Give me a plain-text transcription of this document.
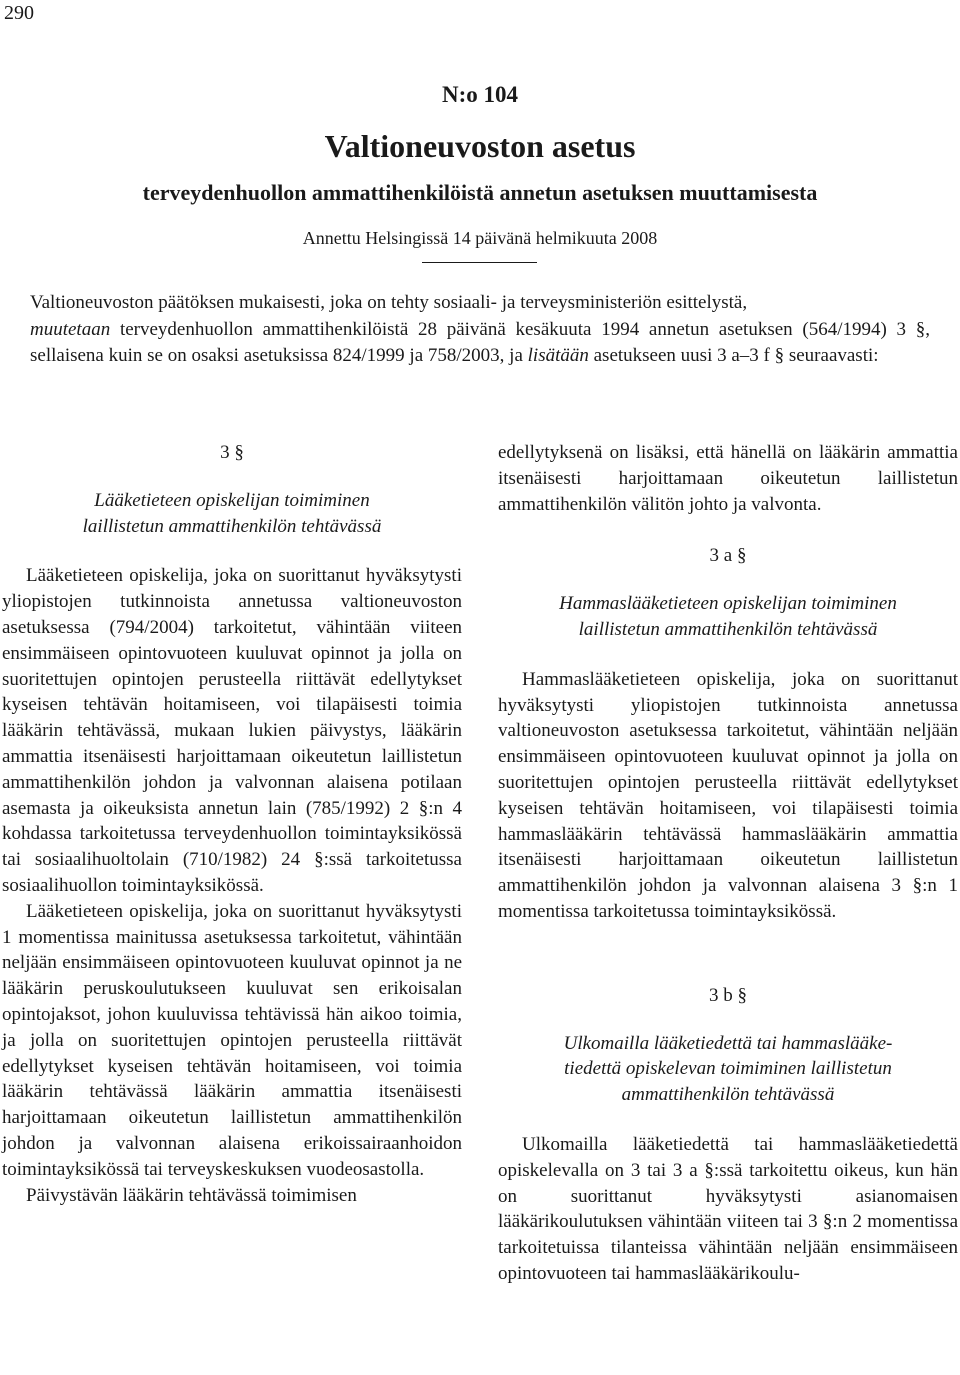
290
N:o 104
Valtioneuvoston asetus
terveydenhuollon ammattihenkilöistä annetun asetuksen muuttamisesta
Annettu Helsingissä 14 päivänä helmikuuta 2008

Valtioneuvoston päätöksen mukaisesti, joka on tehty sosiaali- ja terveysministeriön esittelystä,

muutetaan terveydenhuollon ammattihenkilöistä 28 päivänä kesäkuuta 1994 annetun asetuksen (564/1994) 3 §, sellaisena kuin se on osaksi asetuksissa 824/1999 ja 758/2003, ja lisätään asetukseen uusi 3 a–3 f § seuraavasti:

3 §

Lääketieteen opiskelijan toimiminen

laillistetun ammattihenkilön tehtävässä

Lääketieteen opiskelija, joka on suorittanut hyväksytysti yliopistojen tutkinnoista annetussa valtioneuvoston asetuksessa (794/2004) tarkoitetut, vähintään viiteen ensimmäiseen opintovuoteen kuuluvat opinnot ja jolla on suoritettujen opintojen perusteella riittävät edellytykset kyseisen tehtävän hoitamiseen, voi tilapäisesti toimia lääkärin tehtävässä, mukaan lukien päivystys, lääkärin ammattia itsenäisesti harjoittamaan oikeutetun laillistetun ammattihenkilön johdon ja valvonnan alaisena potilaan asemasta ja oikeuksista annetun lain (785/1992) 2 §:n 4 kohdassa tarkoitetussa terveydenhuollon toimintayksikössä tai sosiaalihuoltolain (710/1982) 24 §:ssä tarkoitetussa sosiaalihuollon toimintayksikössä.

Lääketieteen opiskelija, joka on suorittanut hyväksytysti 1 momentissa mainitussa asetuksessa tarkoitetut, vähintään neljään ensimmäiseen opintovuoteen kuuluvat opinnot ja ne lääkärin peruskoulutukseen kuuluvat sen erikoisalan opintojaksot, johon kuuluvissa tehtävissä hän aikoo toimia, ja jolla on suoritettujen opintojen perusteella riittävät edellytykset kyseisen tehtävän hoitamiseen, voi toimia lääkärin tehtävässä lääkärin ammattia itsenäisesti harjoittamaan oikeutetun laillistetun ammattihenkilön johdon ja valvonnan alaisena erikoissairaanhoidon toimintayksikössä tai terveyskeskuksen vuodeosastolla.

Päivystävän lääkärin tehtävässä toimimisen

edellytyksenä on lisäksi, että hänellä on lääkärin ammattia itsenäisesti harjoittamaan oikeutetun laillistetun ammattihenkilön välitön johto ja valvonta.

3 a §

Hammaslääketieteen opiskelijan toimiminen

laillistetun ammattihenkilön tehtävässä

Hammaslääketieteen opiskelija, joka on suorittanut hyväksytysti yliopistojen tutkinnoista annetussa valtioneuvoston asetuksessa tarkoitetut, vähintään neljään ensimmäiseen opintovuoteen kuuluvat opinnot ja jolla on suoritettujen opintojen perusteella riittävät edellytykset kyseisen tehtävän hoitamiseen, voi tilapäisesti toimia hammaslääkärin tehtävässä hammaslääkärin ammattia itsenäisesti harjoittamaan oikeutetun laillistetun ammattihenkilön johdon ja valvonnan alaisena 3 §:n 1 momentissa tarkoitetussa toimintayksikössä.

3 b §

Ulkomailla lääketiedettä tai hammaslääke-

tiedettä opiskelevan toimiminen laillistetun

ammattihenkilön tehtävässä

Ulkomailla lääketiedettä tai hammaslääketiedettä opiskelevalla on 3 tai 3 a §:ssä tarkoitettu oikeus, kun hän on suorittanut hyväksytysti asianomaisen lääkärikoulutuksen vähintään viiteen tai 3 §:n 2 momentissa tarkoitetuissa tilanteissa vähintään neljään ensimmäiseen opintovuoteen tai hammaslääkärikoulu-
